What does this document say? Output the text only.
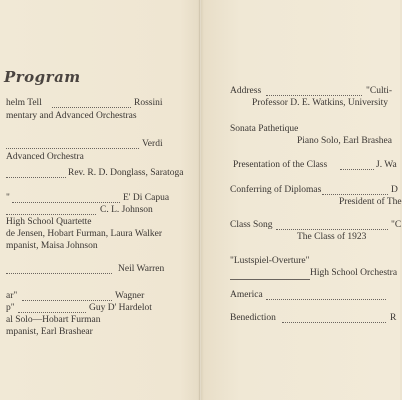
Program
helm Tell	Rossini
mentary and Advanced Orchestras
Verdi
Advanced Orchestra
Rev. R. D. Donglass, Saratoga
"	E' Di Capua
C. L. Johnson
High School Quartette
de Jensen, Hobart Furman, Laura Walker
mpanist, Maisa Johnson
Neil Warren
ar"	Wagner
p"	Guy D' Hardelot
al Solo—Hobart Furman
mpanist, Earl Brashear
Address	"Culti-
Professor D. E. Watkins, University
Sonata Pathetique
Piano Solo, Earl Brashea
Presentation of the Class	J. Wa
Conferring of Diplomas	D
President of The
Class Song	"C
The Class of 1923
"Lustspiel-Overture"
High School Orchestra
America
Benediction	R
